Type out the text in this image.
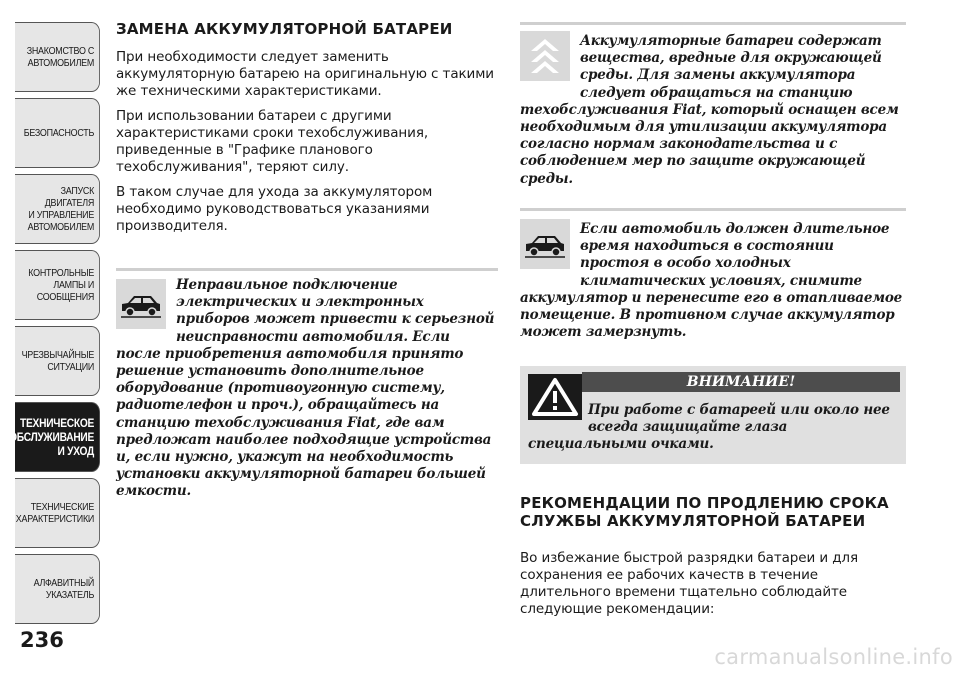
ЗНАКОМСТВО С
АВТОМОБИЛЕМ
БЕЗОПАСНОСТЬ
ЗАПУСК ДВИГАТЕЛЯ
И УПРАВЛЕНИЕ
АВТОМОБИЛЕМ
КОНТРОЛЬНЫЕ
ЛАМПЫ И
СООБЩЕНИЯ
ЧРЕЗВЫЧАЙНЫЕ
СИТУАЦИИ
ТЕХНИЧЕСКОЕ
ОБСЛУЖИВАНИЕ
И УХОД
ТЕХНИЧЕСКИЕ
ХАРАКТЕРИСТИКИ
АЛФАВИТНЫЙ
УКАЗАТЕЛЬ
236
carmanualsonline.info
ЗАМЕНА АККУМУЛЯТОРНОЙ БАТАРЕИ

При необходимости следует заменить аккумуляторную батарею на оригинальную с такими же техническими характеристиками.

При использовании батареи с другими характеристиками сроки техобслуживания, приведенные в "Графике планового техобслуживания", теряют силу.

В таком случае для ухода за аккумулятором необходимо руководствоваться указаниями производителя.

Неправильное подключение электрических и электронных приборов может привести к серьезной неисправности автомобиля. Если после приобретения автомобиля принято решение установить дополнительное оборудование (противоугонную систему, радиотелефон и проч.), обращайтесь на станцию техобслуживания Fiat, где вам предложат наиболее подходящие устройства и, если нужно, укажут на необходимость установки аккумуляторной батареи большей емкости.

Аккумуляторные батареи содержат вещества, вредные для окружающей среды. Для замены аккумулятора следует обращаться на станцию техобслуживания Fiat, который оснащен всем необходимым для утилизации аккумулятора согласно нормам законодательства и с соблюдением мер по защите окружающей среды.

Если автомобиль должен длительное время находиться в состоянии простоя в особо холодных климатических условиях, снимите аккумулятор и перенесите его в отапливаемое помещение. В противном случае аккумулятор может замерзнуть.

ВНИМАНИЕ!

При работе с батареей или около нее всегда защищайте глаза
специальными очками.

РЕКОМЕНДАЦИИ ПО ПРОДЛЕНИЮ СРОКА СЛУЖБЫ АККУМУЛЯТОРНОЙ БАТАРЕИ

Во избежание быстрой разрядки батареи и для сохранения ее рабочих качеств в течение длительного времени тщательно соблюдайте следующие рекомендации:
